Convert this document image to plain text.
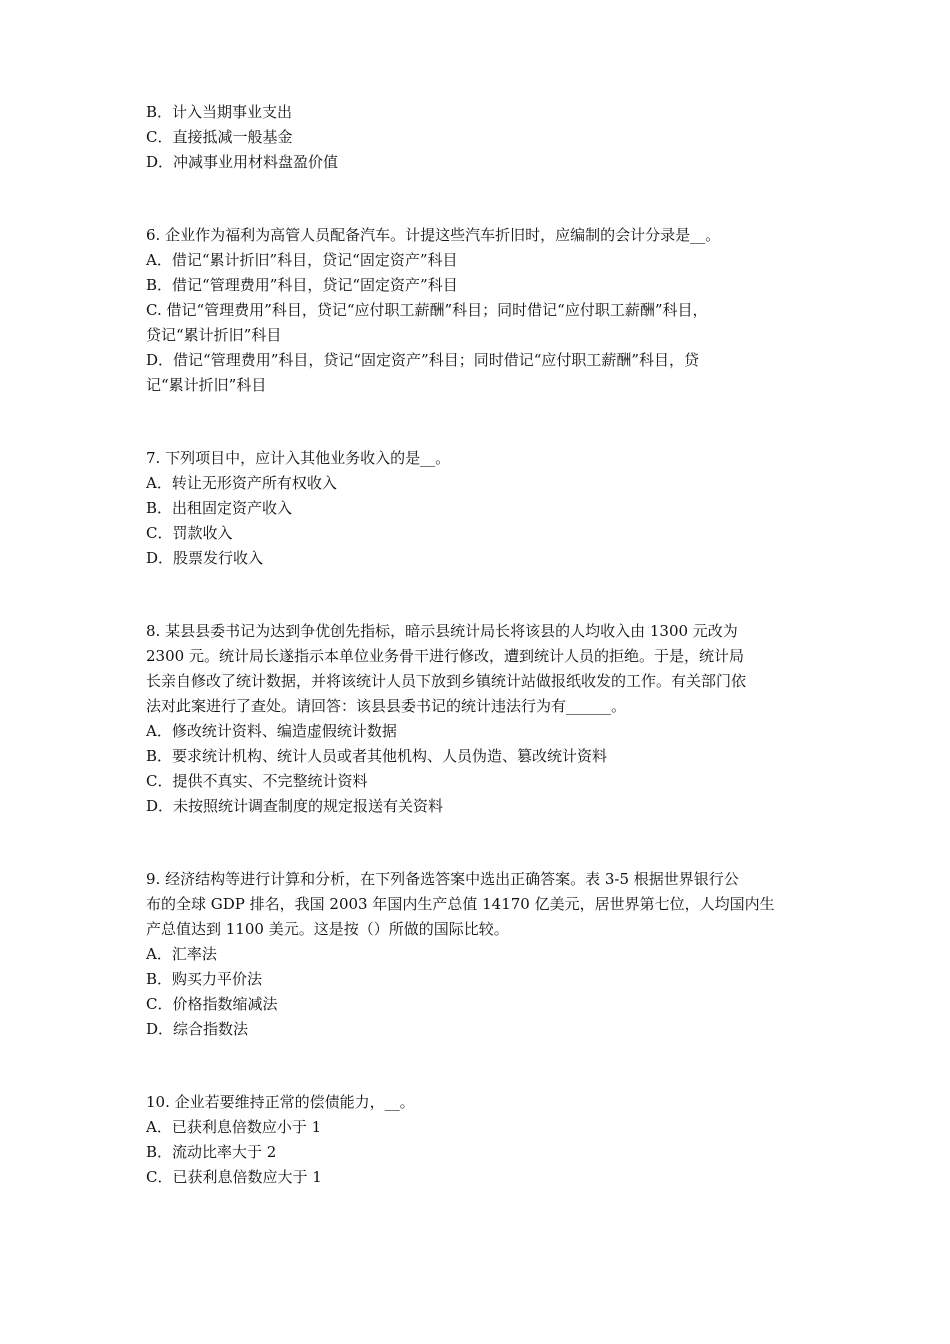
B．计入当期事业支出
C．直接抵减一般基金
D．冲减事业用材料盘盈价值
6. 企业作为福利为高管人员配备汽车。计提这些汽车折旧时，应编制的会计分录是__。
A．借记“累计折旧”科目，贷记“固定资产”科目
B．借记“管理费用”科目，贷记“固定资产”科目
C. 借记“管理费用”科目，贷记“应付职工薪酬”科目；同时借记“应付职工薪酬”科目，
贷记“累计折旧”科目
D．借记“管理费用”科目，贷记“固定资产”科目；同时借记“应付职工薪酬”科目，贷
记“累计折旧”科目
7. 下列项目中，应计入其他业务收入的是__。
A．转让无形资产所有权收入
B．出租固定资产收入
C．罚款收入
D．股票发行收入
8. 某县县委书记为达到争优创先指标，暗示县统计局长将该县的人均收入由 1300 元改为
2300 元。统计局长遂指示本单位业务骨干进行修改，遭到统计人员的拒绝。于是，统计局
长亲自修改了统计数据，并将该统计人员下放到乡镇统计站做报纸收发的工作。有关部门依
法对此案进行了查处。请回答：该县县委书记的统计违法行为有______。
A．修改统计资料、编造虚假统计数据
B．要求统计机构、统计人员或者其他机构、人员伪造、篡改统计资料
C．提供不真实、不完整统计资料
D．未按照统计调查制度的规定报送有关资料
9. 经济结构等进行计算和分析，在下列备选答案中选出正确答案。表 3-5 根据世界银行公
布的全球 GDP 排名，我国 2003 年国内生产总值 14170 亿美元，居世界第七位，人均国内生
产总值达到 1100 美元。这是按（）所做的国际比较。
A．汇率法
B．购买力平价法
C．价格指数缩减法
D．综合指数法
10. 企业若要维持正常的偿债能力，__。
A．已获利息倍数应小于 1
B．流动比率大于 2
C．已获利息倍数应大于 1
